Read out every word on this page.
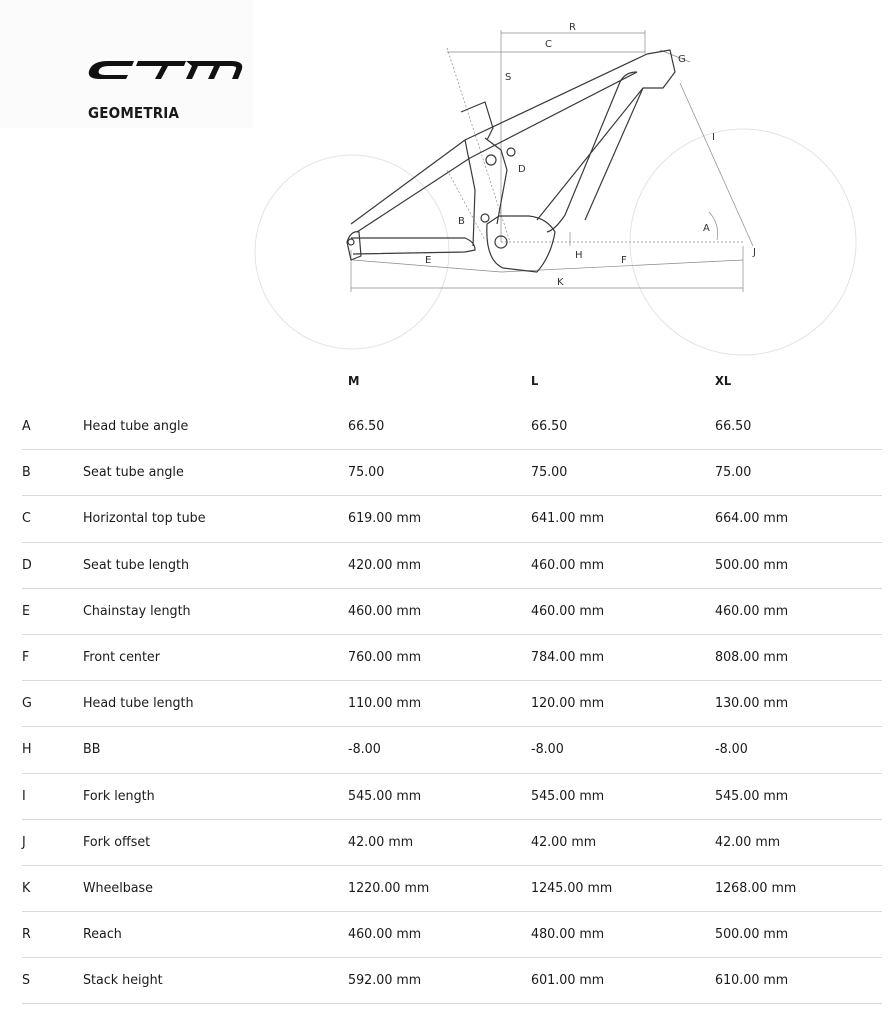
GEOMETRIA
R
C
S
G
I
D
B
A
H	J
E	F
K
M	L	XL
A	Head tube angle	66.50	66.50	66.50
B	Seat tube angle	75.00	75.00	75.00
C	Horizontal top tube	619.00 mm	641.00 mm	664.00 mm
D	Seat tube length	420.00 mm	460.00 mm	500.00 mm
E	Chainstay length	460.00 mm	460.00 mm	460.00 mm
F	Front center	760.00 mm	784.00 mm	808.00 mm
G	Head tube length	110.00 mm	120.00 mm	130.00 mm
H	BB	-8.00	-8.00	-8.00
I	Fork length	545.00 mm	545.00 mm	545.00 mm
J	Fork offset	42.00 mm	42.00 mm	42.00 mm
K	Wheelbase	1220.00 mm	1245.00 mm	1268.00 mm
R	Reach	460.00 mm	480.00 mm	500.00 mm
S	Stack height	592.00 mm	601.00 mm	610.00 mm
